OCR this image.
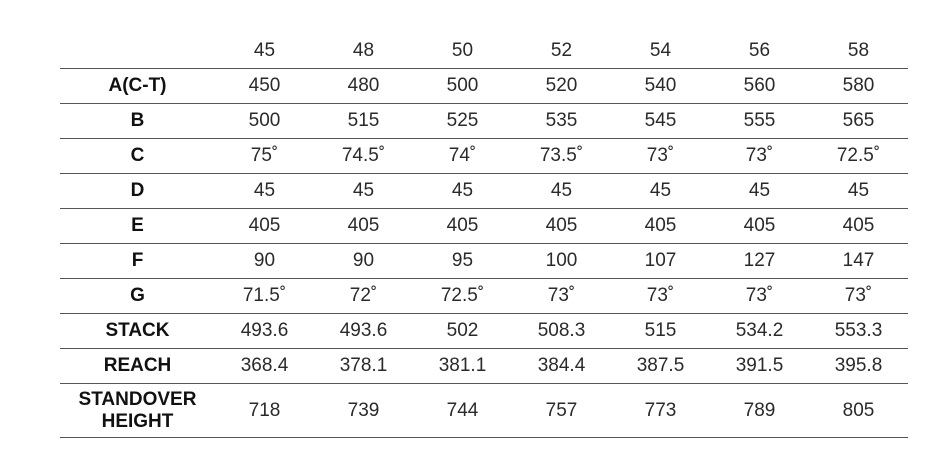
	45	48	50	52	54	56	58
A(C-T)	450	480	500	520	540	560	580
B	500	515	525	535	545	555	565
C	75˚	74.5˚	74˚	73.5˚	73˚	73˚	72.5˚
D	45	45	45	45	45	45	45
E	405	405	405	405	405	405	405
F	90	90	95	100	107	127	147
G	71.5˚	72˚	72.5˚	73˚	73˚	73˚	73˚
STACK	493.6	493.6	502	508.3	515	534.2	553.3
REACH	368.4	378.1	381.1	384.4	387.5	391.5	395.8

STANDOVER
HEIGHT	718	739	744	757	773	789	805
